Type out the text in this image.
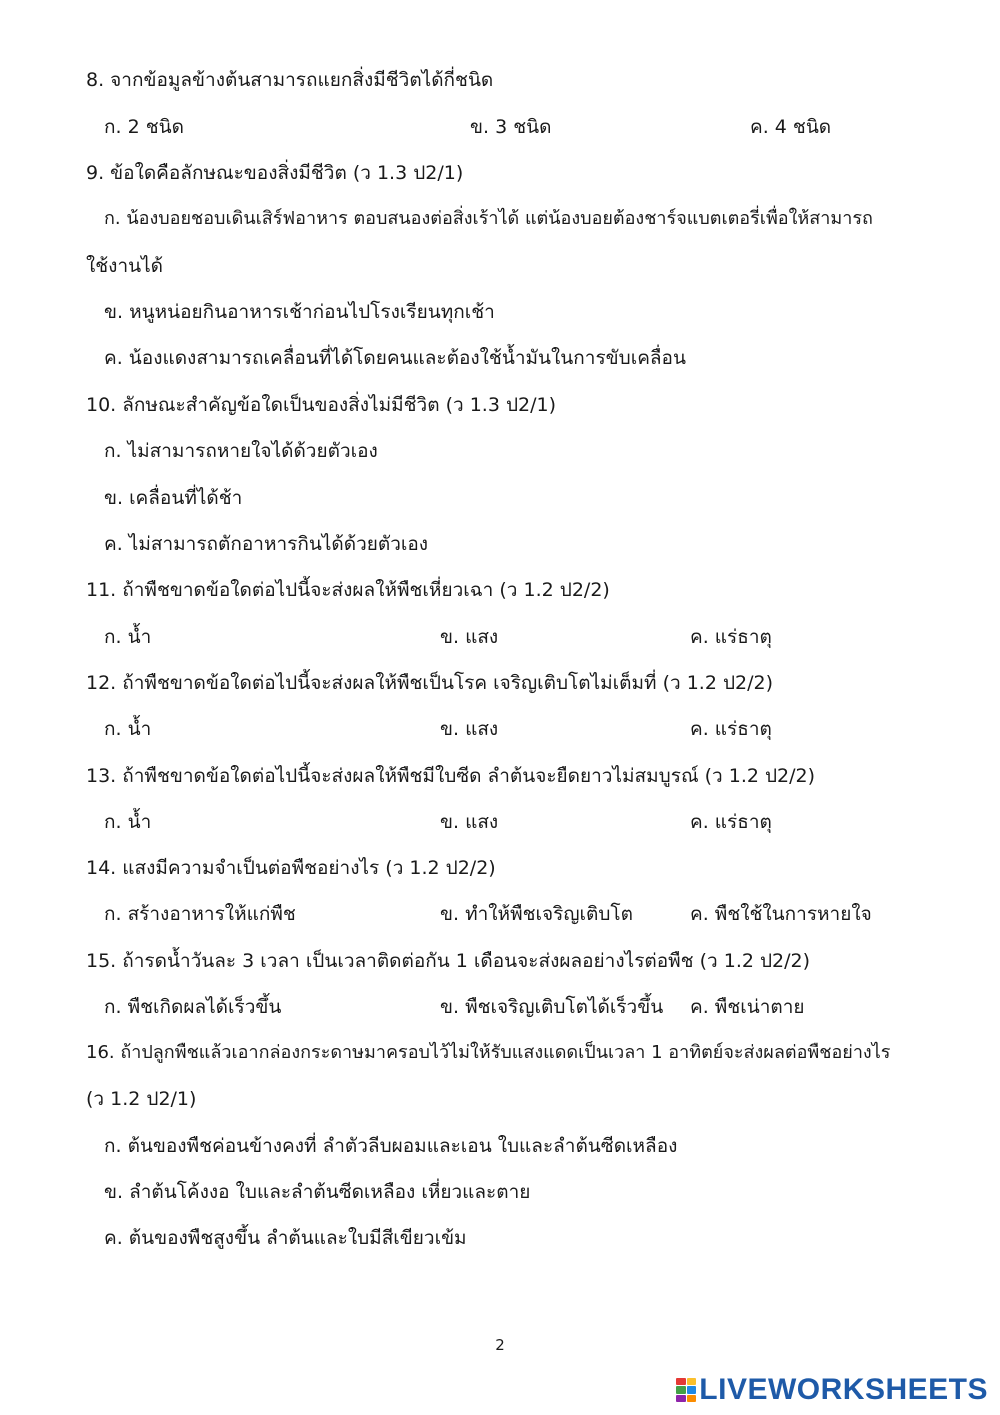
8. จากข้อมูลข้างต้นสามารถแยกสิ่งมีชีวิตได้กี่ชนิด
ก. 2 ชนิด	ข. 3 ชนิด	ค. 4 ชนิด
9. ข้อใดคือลักษณะของสิ่งมีชีวิต (ว 1.3 ป2/1)
ก. น้องบอยชอบเดินเสิร์ฟอาหาร ตอบสนองต่อสิ่งเร้าได้ แต่น้องบอยต้องชาร์จแบตเตอรี่เพื่อให้สามารถ
ใช้งานได้
ข. หนูหน่อยกินอาหารเช้าก่อนไปโรงเรียนทุกเช้า
ค. น้องแดงสามารถเคลื่อนที่ได้โดยคนและต้องใช้น้ำมันในการขับเคลื่อน
10. ลักษณะสำคัญข้อใดเป็นของสิ่งไม่มีชีวิต (ว 1.3 ป2/1)
ก. ไม่สามารถหายใจได้ด้วยตัวเอง
ข. เคลื่อนที่ได้ช้า
ค. ไม่สามารถตักอาหารกินได้ด้วยตัวเอง
11. ถ้าพืชขาดข้อใดต่อไปนี้จะส่งผลให้พืชเหี่ยวเฉา (ว 1.2 ป2/2)
ก. น้ำ	ข. แสง	ค. แร่ธาตุ
12. ถ้าพืชขาดข้อใดต่อไปนี้จะส่งผลให้พืชเป็นโรค เจริญเติบโตไม่เต็มที่ (ว 1.2 ป2/2)
ก. น้ำ	ข. แสง	ค. แร่ธาตุ
13. ถ้าพืชขาดข้อใดต่อไปนี้จะส่งผลให้พืชมีใบซีด ลำต้นจะยืดยาวไม่สมบูรณ์ (ว 1.2 ป2/2)
ก. น้ำ	ข. แสง	ค. แร่ธาตุ
14. แสงมีความจำเป็นต่อพืชอย่างไร (ว 1.2 ป2/2)
ก. สร้างอาหารให้แก่พืช	ข. ทำให้พืชเจริญเติบโต	ค. พืชใช้ในการหายใจ
15. ถ้ารดน้ำวันละ 3 เวลา เป็นเวลาติดต่อกัน 1 เดือนจะส่งผลอย่างไรต่อพืช (ว 1.2 ป2/2)
ก. พืชเกิดผลได้เร็วขึ้น	ข. พืชเจริญเติบโตได้เร็วขึ้น ค. พืชเน่าตาย
16. ถ้าปลูกพืชแล้วเอากล่องกระดาษมาครอบไว้ไม่ให้รับแสงแดดเป็นเวลา 1 อาทิตย์จะส่งผลต่อพืชอย่างไร
(ว 1.2 ป2/1)
ก. ต้นของพืชค่อนข้างคงที่ ลำตัวลีบผอมและเอน ใบและลำต้นซีดเหลือง
ข. ลำต้นโค้งงอ ใบและลำต้นซีดเหลือง เหี่ยวและตาย
ค. ต้นของพืชสูงขึ้น ลำต้นและใบมีสีเขียวเข้ม
2
LIVEWORKSHEETS
